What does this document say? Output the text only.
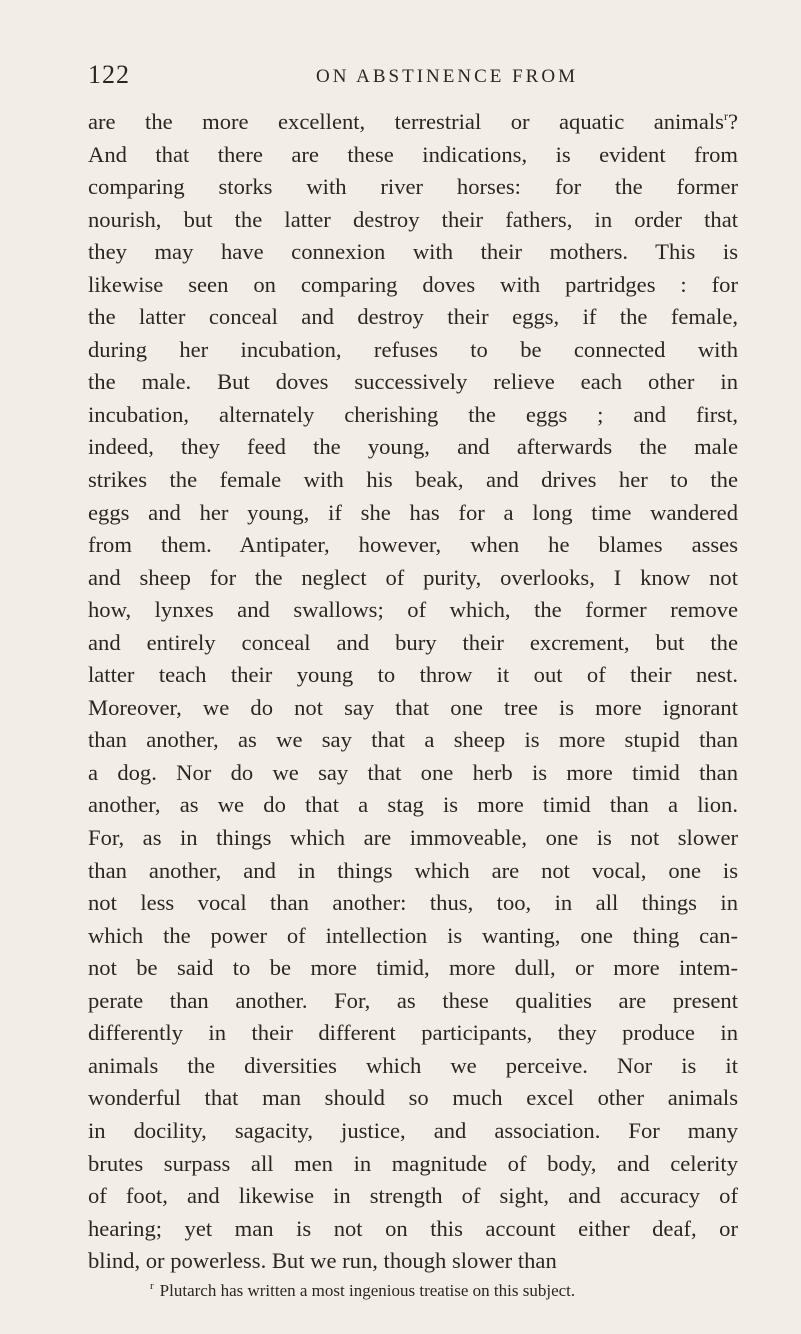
122	ON ABSTINENCE FROM
are the more excellent, terrestrial or aquatic animals$^r$?
And that there are these indications, is evident from
comparing storks with river horses: for the former
nourish, but the latter destroy their fathers, in order that
they may have connexion with their mothers. This is
likewise seen on comparing doves with partridges : for
the latter conceal and destroy their eggs, if the female,
during her incubation, refuses to be connected with
the male. But doves successively relieve each other in
incubation, alternately cherishing the eggs ; and first,
indeed, they feed the young, and afterwards the male
strikes the female with his beak, and drives her to the
eggs and her young, if she has for a long time wandered
from them. Antipater, however, when he blames asses
and sheep for the neglect of purity, overlooks, I know not
how, lynxes and swallows; of which, the former remove
and entirely conceal and bury their excrement, but the
latter teach their young to throw it out of their nest.
Moreover, we do not say that one tree is more ignorant
than another, as we say that a sheep is more stupid than
a dog. Nor do we say that one herb is more timid than
another, as we do that a stag is more timid than a lion.
For, as in things which are immoveable, one is not slower
than another, and in things which are not vocal, one is
not less vocal than another: thus, too, in all things in
which the power of intellection is wanting, one thing can-
not be said to be more timid, more dull, or more intem-
perate than another. For, as these qualities are present
differently in their different participants, they produce in
animals the diversities which we perceive. Nor is it
wonderful that man should so much excel other animals
in docility, sagacity, justice, and association. For many
brutes surpass all men in magnitude of body, and celerity
of foot, and likewise in strength of sight, and accuracy of
hearing; yet man is not on this account either deaf, or
blind, or powerless. But we run, though slower than

$^r$ Plutarch has written a most ingenious treatise on this subject.
